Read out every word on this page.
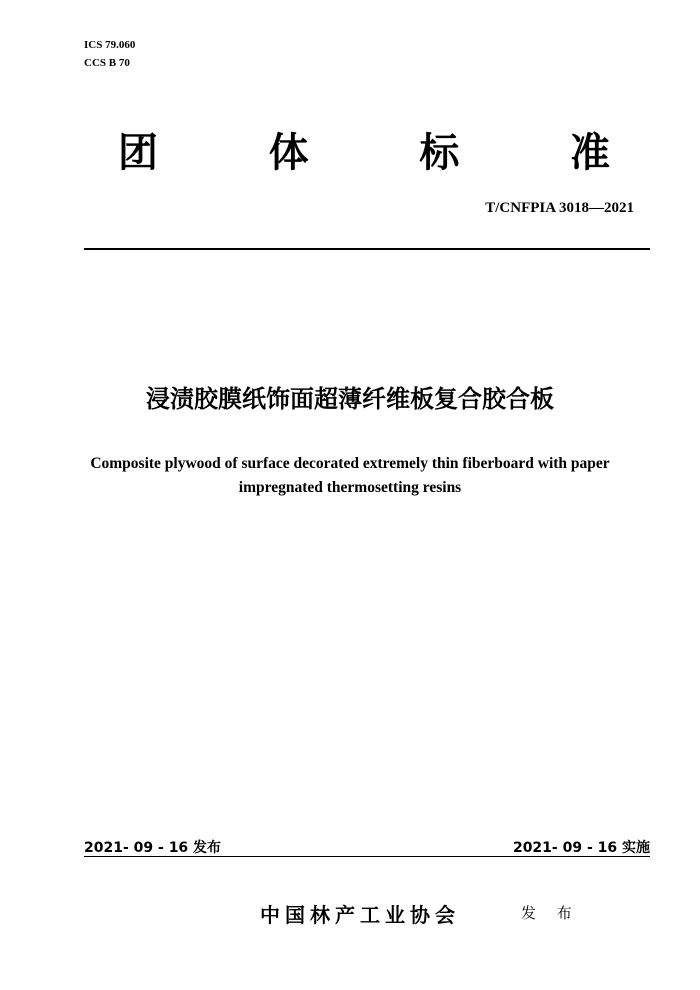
ICS 79.060
CCS B 70
团	体	标	准
T/CNFPIA 3018—2021
浸渍胶膜纸饰面超薄纤维板复合胶合板
Composite plywood of surface decorated extremely thin fiberboard with paper
impregnated thermosetting resins
2021- 09 - 16 发布	2021- 09 - 16 实施
中国林产工业协会	发 布
